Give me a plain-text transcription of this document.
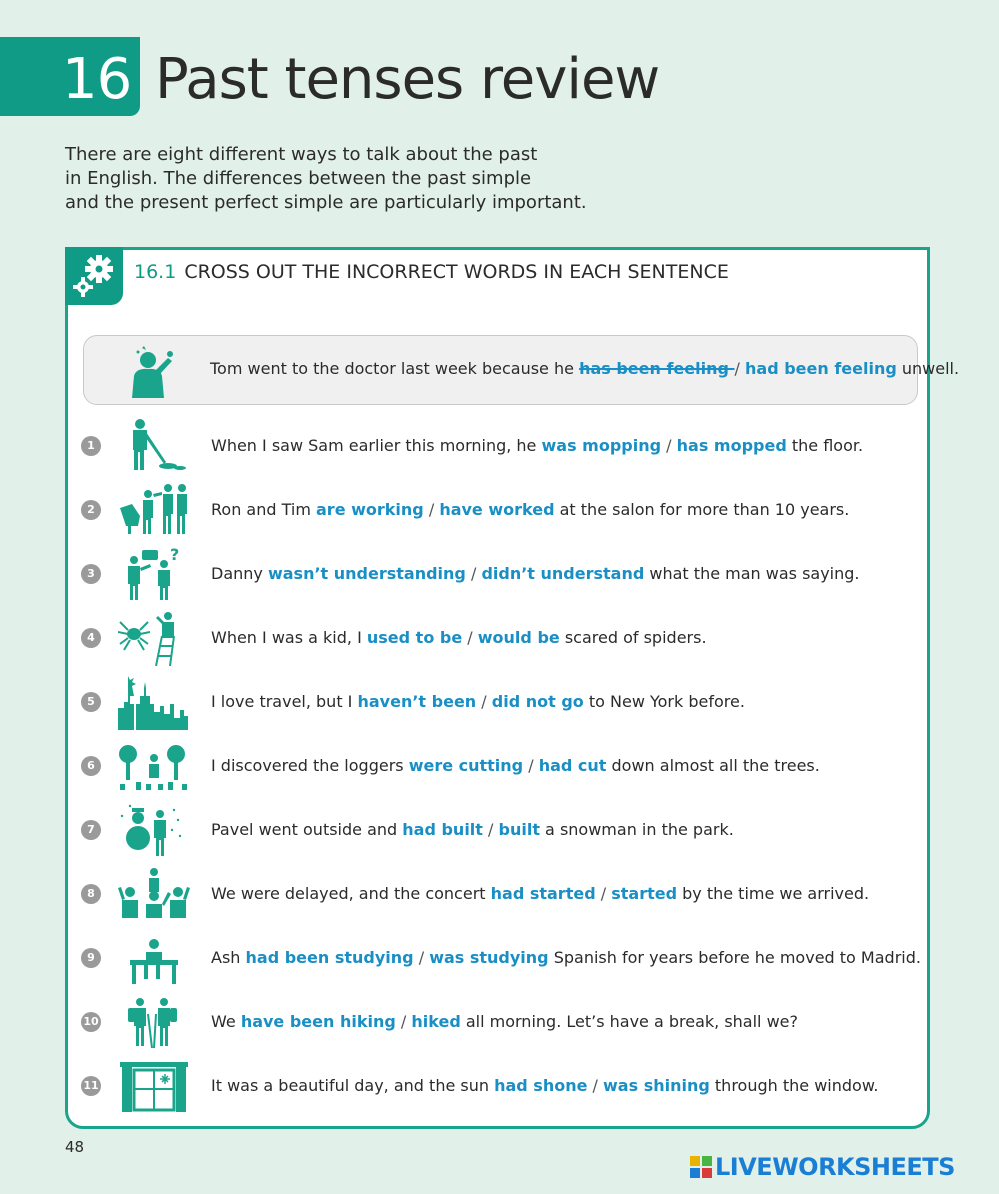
16 Past tenses review
There are eight different ways to talk about the past
in English. The differences between the past simple
and the present perfect simple are particularly important.
16.1 CROSS OUT THE INCORRECT WORDS IN EACH SENTENCE
Tom went to the doctor last week because he has been feeling / had been feeling unwell.
1	When I saw Sam earlier this morning, he was mopping / has mopped the floor.
2	Ron and Tim are working / have worked at the salon for more than 10 years.
3
?
Danny wasn’t understanding / didn’t understand what the man was saying.
4	When I was a kid, I used to be / would be scared of spiders.
5	I love travel, but I haven’t been / did not go to New York before.
6	I discovered the loggers were cutting / had cut down almost all the trees.
7	Pavel went outside and had built / built a snowman in the park.
8	We were delayed, and the concert had started / started by the time we arrived.
9	Ash had been studying / was studying Spanish for years before he moved to Madrid.
10	We have been hiking / hiked all morning. Let’s have a break, shall we?
11	It was a beautiful day, and the sun had shone / was shining through the window.
48
LIVEWORKSHEETS
